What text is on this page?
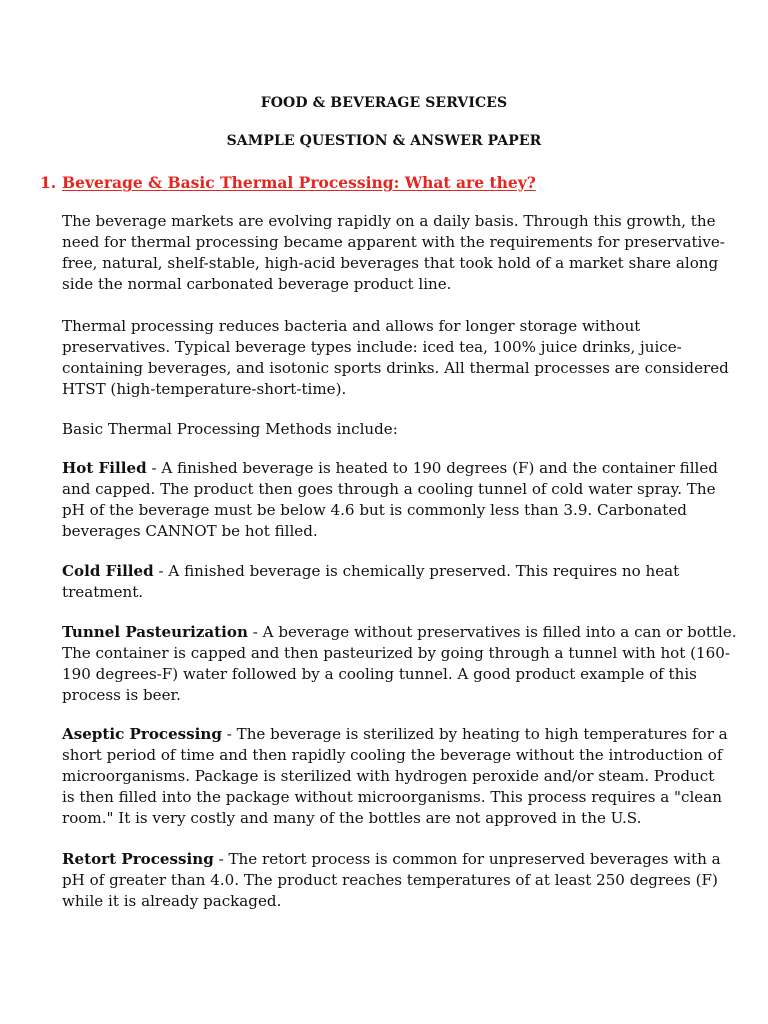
FOOD & BEVERAGE SERVICES
SAMPLE QUESTION & ANSWER PAPER
1. Beverage & Basic Thermal Processing: What are they?

The beverage markets are evolving rapidly on a daily basis. Through this growth, the
need for thermal processing became apparent with the requirements for preservative-
free, natural, shelf-stable, high-acid beverages that took hold of a market share along
side the normal carbonated beverage product line.

Thermal processing reduces bacteria and allows for longer storage without
preservatives. Typical beverage types include: iced tea, 100% juice drinks, juice-
containing beverages, and isotonic sports drinks. All thermal processes are considered
HTST (high-temperature-short-time).

Basic Thermal Processing Methods include:

Hot Filled - A finished beverage is heated to 190 degrees (F) and the container filled
and capped. The product then goes through a cooling tunnel of cold water spray. The
pH of the beverage must be below 4.6 but is commonly less than 3.9. Carbonated
beverages CANNOT be hot filled.

Cold Filled - A finished beverage is chemically preserved. This requires no heat
treatment.

Tunnel Pasteurization - A beverage without preservatives is filled into a can or bottle.
The container is capped and then pasteurized by going through a tunnel with hot (160-
190 degrees-F) water followed by a cooling tunnel. A good product example of this
process is beer.

Aseptic Processing - The beverage is sterilized by heating to high temperatures for a
short period of time and then rapidly cooling the beverage without the introduction of
microorganisms. Package is sterilized with hydrogen peroxide and/or steam. Product
is then filled into the package without microorganisms. This process requires a "clean
room." It is very costly and many of the bottles are not approved in the U.S.

Retort Processing - The retort process is common for unpreserved beverages with a
pH of greater than 4.0. The product reaches temperatures of at least 250 degrees (F)
while it is already packaged.
